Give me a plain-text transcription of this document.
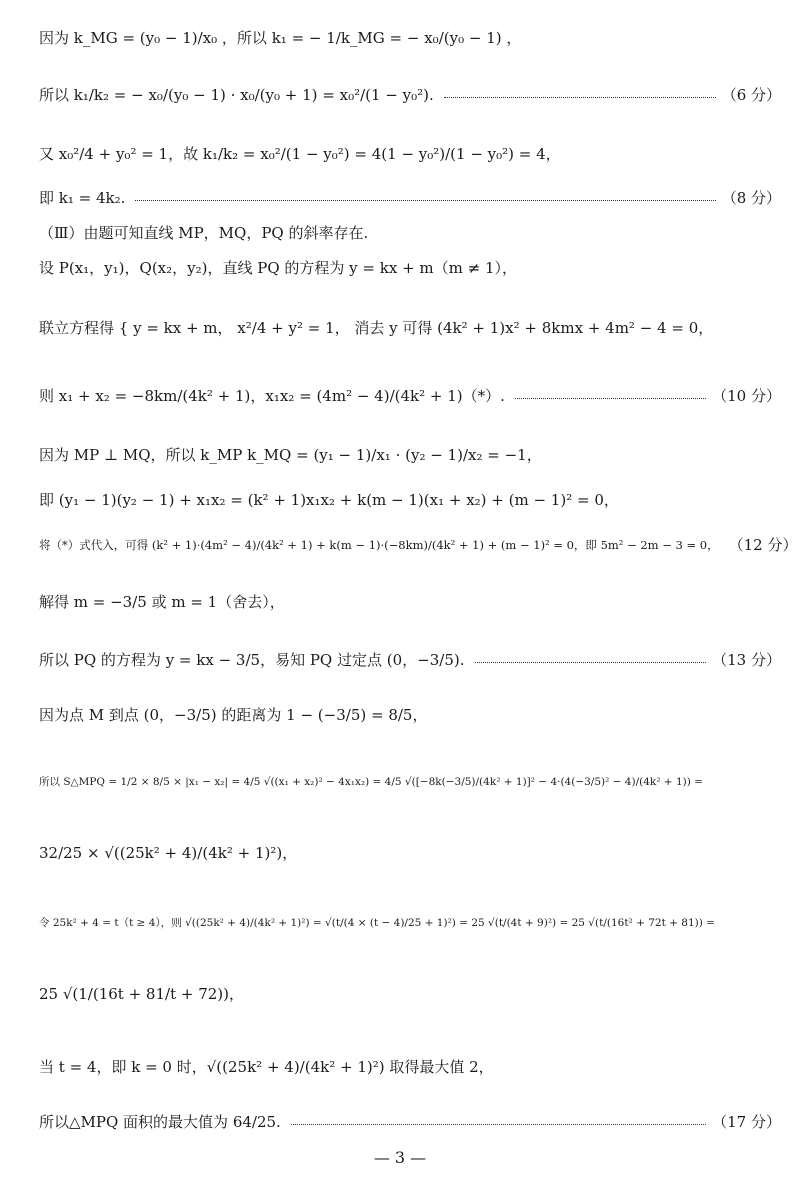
因为 k_MG = (y₀ − 1)/x₀ ，所以 k₁ = − 1/k_MG = − x₀/(y₀ − 1) ，
所以 k₁/k₂ = − x₀/(y₀ − 1) · x₀/(y₀ + 1) = x₀²/(1 − y₀²).	（6 分）
又 x₀²/4 + y₀² = 1，故 k₁/k₂ = x₀²/(1 − y₀²) = 4(1 − y₀²)/(1 − y₀²) = 4，
即 k₁ = 4k₂.	（8 分）
（Ⅲ）由题可知直线 MP，MQ，PQ 的斜率存在.
设 P(x₁，y₁)，Q(x₂，y₂)，直线 PQ 的方程为 y = kx + m（m ≠ 1），
联立方程得 { y = kx + m， x²/4 + y² = 1， 消去 y 可得 (4k² + 1)x² + 8kmx + 4m² − 4 = 0，
则 x₁ + x₂ = −8km/(4k² + 1)，x₁x₂ = (4m² − 4)/(4k² + 1)（*）.	（10 分）
因为 MP ⊥ MQ，所以 k_MP k_MQ = (y₁ − 1)/x₁ · (y₂ − 1)/x₂ = −1，
即 (y₁ − 1)(y₂ − 1) + x₁x₂ = (k² + 1)x₁x₂ + k(m − 1)(x₁ + x₂) + (m − 1)² = 0，
将（*）式代入，可得 (k² + 1)·(4m² − 4)/(4k² + 1) + k(m − 1)·(−8km)/(4k² + 1) + (m − 1)² = 0，即 5m² − 2m − 3 = 0， （12 分）
解得 m = −3/5 或 m = 1（舍去），
所以 PQ 的方程为 y = kx − 3/5，易知 PQ 过定点 (0，−3/5).	（13 分）
因为点 M 到点 (0，−3/5) 的距离为 1 − (−3/5) = 8/5，
所以 S△MPQ = 1/2 × 8/5 × |x₁ − x₂| = 4/5 √((x₁ + x₂)² − 4x₁x₂) = 4/5 √([−8k(−3/5)/(4k² + 1)]² − 4·(4(−3/5)² − 4)/(4k² + 1)) =
32/25 × √((25k² + 4)/(4k² + 1)²)，
令 25k² + 4 = t（t ≥ 4），则 √((25k² + 4)/(4k² + 1)²) = √(t/(4 × (t − 4)/25 + 1)²) = 25 √(t/(4t + 9)²) = 25 √(t/(16t² + 72t + 81)) =
25 √(1/(16t + 81/t + 72))，
当 t = 4，即 k = 0 时，√((25k² + 4)/(4k² + 1)²) 取得最大值 2，
所以△MPQ 面积的最大值为 64/25.	（17 分）
— 3 —
